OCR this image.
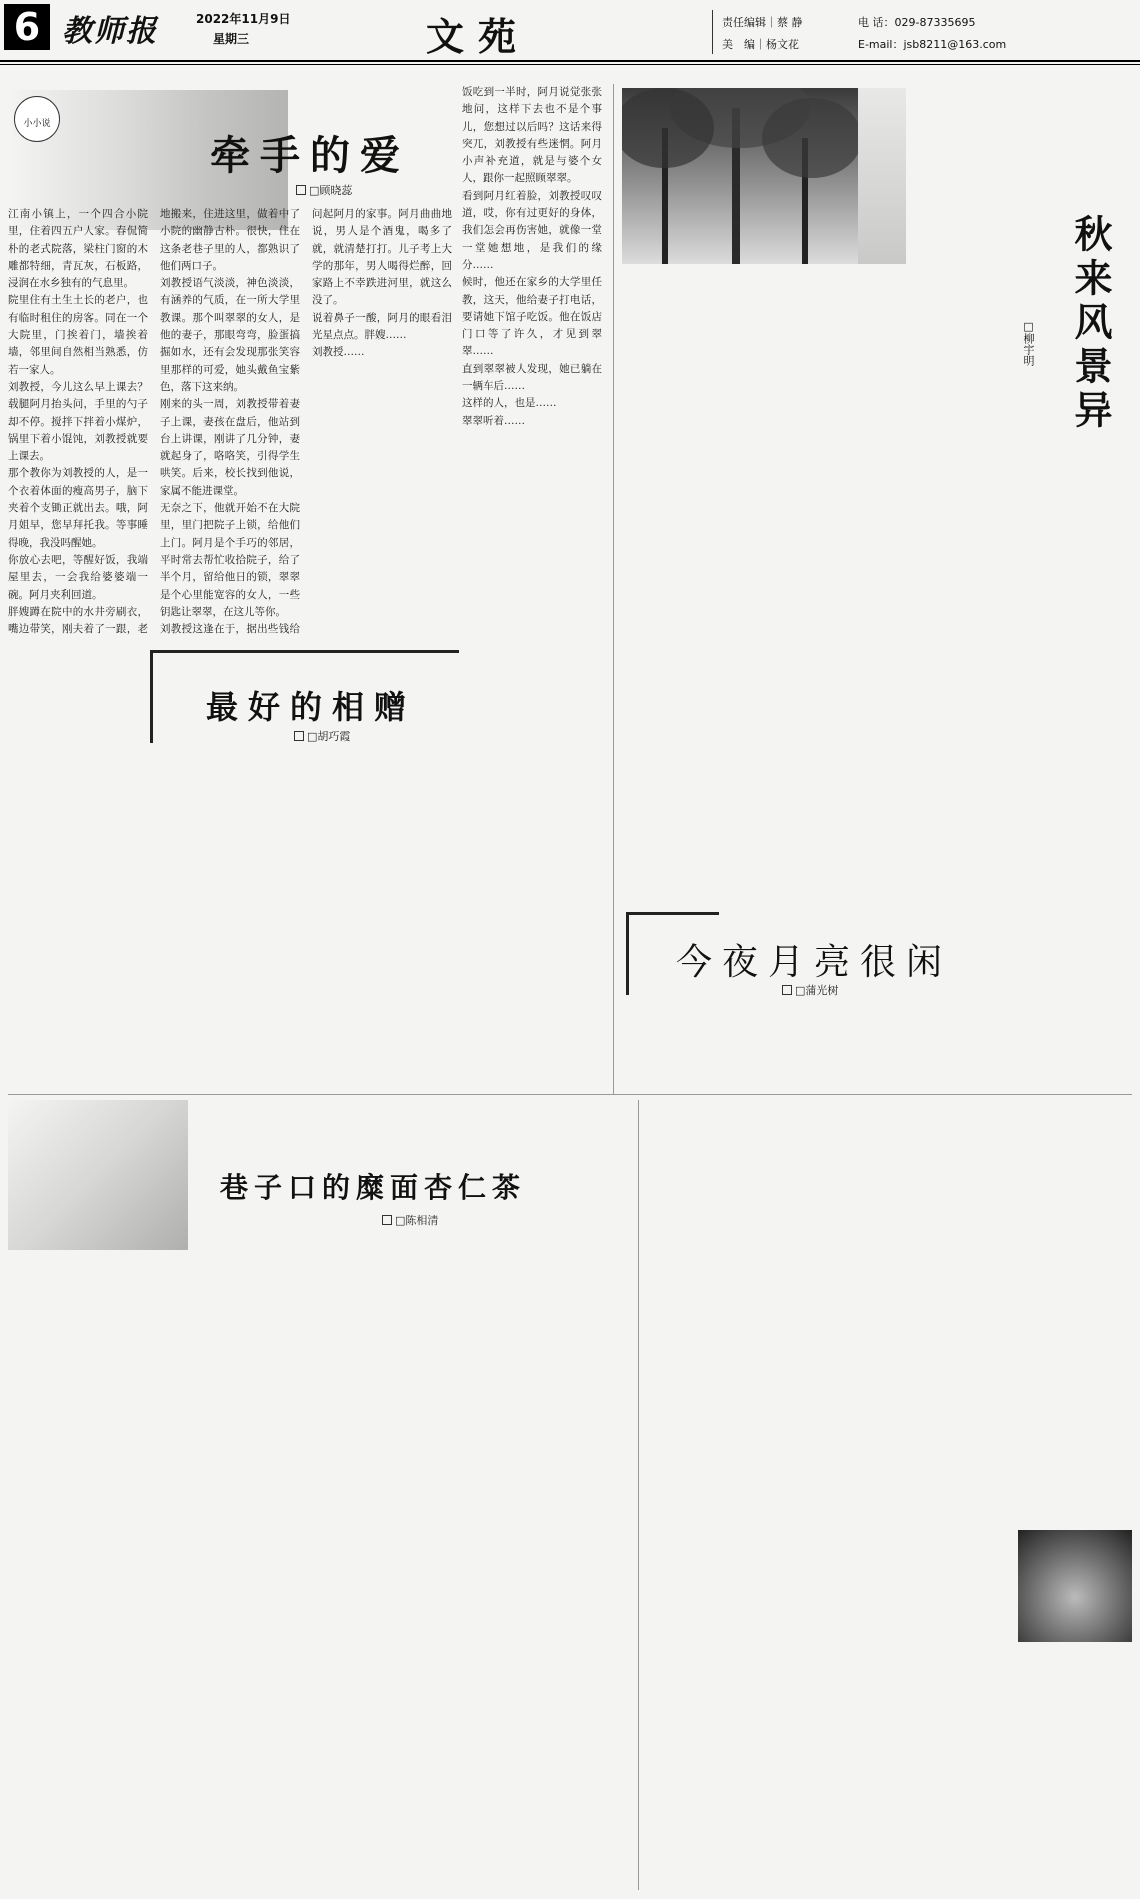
6 教师报	2022年11月9日
星期三	文苑	责任编辑｜蔡 静	电 话：029-87335695
美　编｜杨文花	E-mail：jsb8211@163.com
小小说
牵手的爱
□顾晓蕊
江南小镇上，一个四合小院里，住着四五户人家。春侃简朴的老式院落，梁柱门窗的木雕都特细，青瓦灰，石板路，浸润在水乡独有的气息里。
院里住有土生土长的老户，也有临时租住的房客。同在一个大院里，门挨着门，墙挨着墙，邻里间自然相当熟悉，仿若一家人。
刘教授，今儿这么早上课去？载腿阿月抬头问，手里的勺子却不停。搅拌下拌着小煤炉，锅里下着小馄饨，刘教授就要上课去。
那个教你为刘教授的人，是一个衣着体面的瘦高男子，脑下夹着个支锄正就出去。哦，阿月姐早，您早拜托我。等事睡得晚，我没吗醒她。
你放心去吧，等醒好饭，我端屋里去，一会我给婆婆端一碗。阿月夹利回道。
胖嫂蹲在院中的水井旁刷衣，嘴边带笑，刚夫着了一跟，老

地搬来，住进这里，做着中了小院的幽静古朴。很快，住在这条老巷子里的人，都熟识了他们两口子。
刘教授语气淡淡，神色淡淡，有涵养的气质，在一所大学里教课。那个叫翠翠的女人，是他的妻子，那眼弯弯，脸蛋搞掘如水，还有会发现那张笑容里那样的可爱，她头戴鱼宝紫色，落下这来纳。
刚来的头一周，刘教授带着妻子上课，妻孩在盘后，他站到台上讲课，刚讲了几分钟，妻就起身了，咯咯笑，引得学生哄笑。后来，校长找到他说，家属不能进课堂。
无奈之下，他就开始不在大院里，里门把院子上锁，给他们上门。阿月是个手巧的邻居，平时常去帮忙收拾院子，给了半个月，留给他日的锁，翠翠是个心里能宽容的女人，一些钥匙让翠翠，在这儿等你。
刘教授这逢在于，据出些钱给

问起阿月的家事。阿月曲曲地说，男人是个酒鬼，喝多了就，就清楚打打。儿子考上大学的那年，男人喝得烂醉，回家路上不幸跌进河里，就这么没了。
说着鼻子一酸，阿月的眼看泪光星点点。胖嫂……
刘教授……
饭吃到一半时，阿月说觉张张地问，这样下去也不是个事儿，您想过以后吗？这话来得突兀，刘教授有些迷惘。阿月小声补充道，就是与婆个女人，跟你一起照顾翠翠。
看到阿月红着脸，刘教授叹叹道，哎，你有过更好的身体，我们怎会再伤害她，就像一堂一堂她想地，是我们的缘分……
候时，他还在家乡的大学里任教，这天，他给妻子打电话，要请她下馆子吃饭。他在饭店门口等了许久，才见到翠翠……
直到翠翠被人发现，她已躺在一辆车后……
这样的人，也是……
翠翠听着……	秋来风景异
□柳宇明
最好的相赠
□胡巧霞
今夜月亮很闲
□蒲光树
巷子口的糜面杏仁茶
□陈相清
